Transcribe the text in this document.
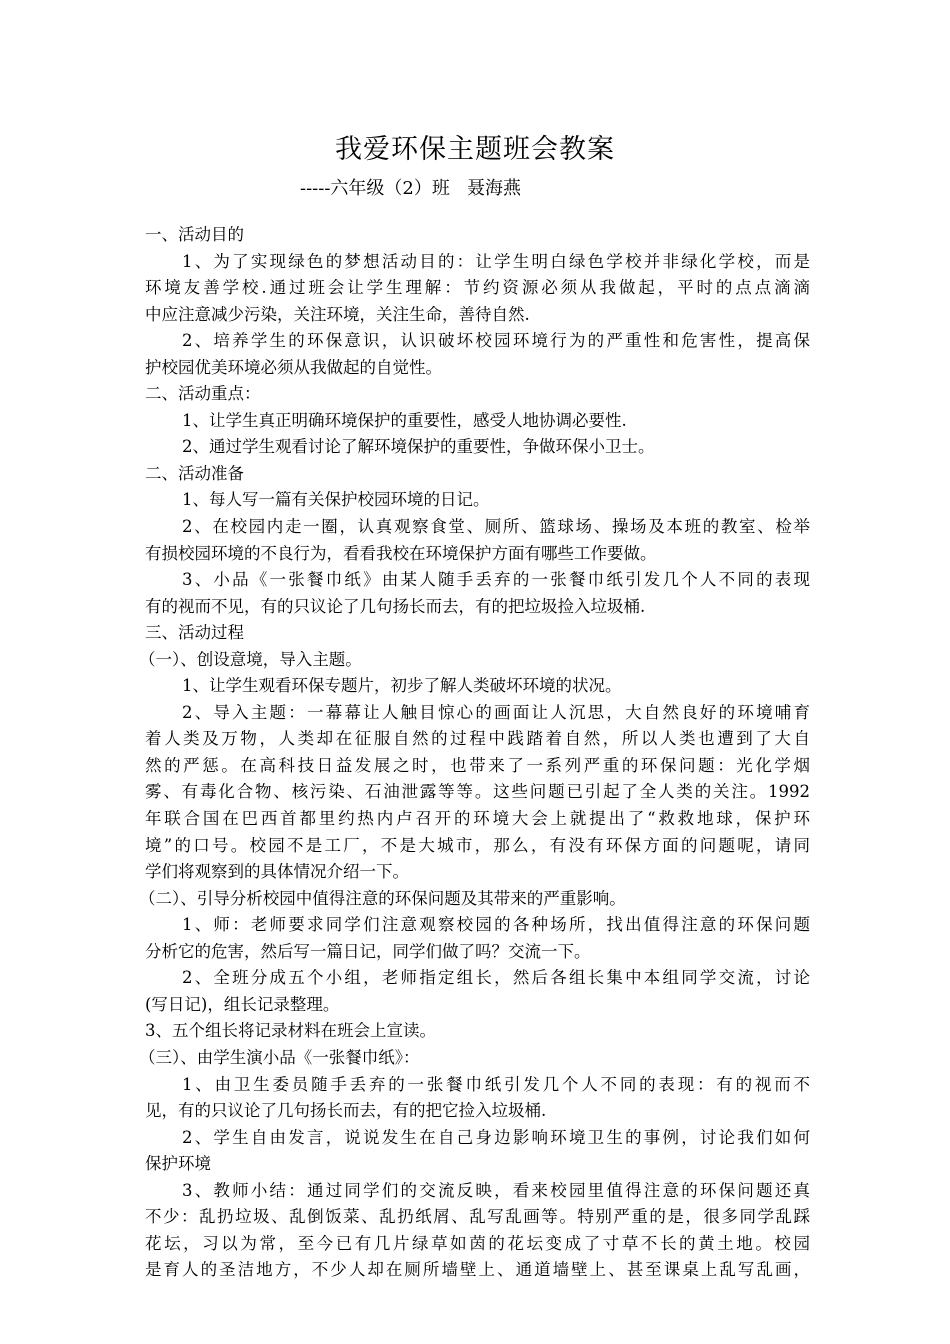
我爱环保主题班会教案
-----六年级（2）班   聂海燕
一、活动目的
1、为了实现绿色的梦想活动目的：让学生明白绿色学校并非绿化学校，而是
环境友善学校.通过班会让学生理解：节约资源必须从我做起，平时的点点滴滴
中应注意减少污染，关注环境，关注生命，善待自然.
2、培养学生的环保意识，认识破坏校园环境行为的严重性和危害性，提高保
护校园优美环境必须从我做起的自觉性。
二、活动重点：
1、让学生真正明确环境保护的重要性，感受人地协调必要性.
2、通过学生观看讨论了解环境保护的重要性，争做环保小卫士。
二、活动准备
1、每人写一篇有关保护校园环境的日记。
2、在校园内走一圈，认真观察食堂、厕所、篮球场、操场及本班的教室、检举
有损校园环境的不良行为，看看我校在环境保护方面有哪些工作要做。
3、小品《一张餐巾纸》由某人随手丢弃的一张餐巾纸引发几个人不同的表现
有的视而不见，有的只议论了几句扬长而去，有的把垃圾捡入垃圾桶.
三、活动过程
（一）、创设意境，导入主题。
1、让学生观看环保专题片，初步了解人类破坏环境的状况。
2、导入主题：一幕幕让人触目惊心的画面让人沉思，大自然良好的环境哺育
着人类及万物，人类却在征服自然的过程中践踏着自然，所以人类也遭到了大自
然的严惩。在高科技日益发展之时，也带来了一系列严重的环保问题：光化学烟
雾、有毒化合物、核污染、石油泄露等等。这些问题已引起了全人类的关注。1992
年联合国在巴西首都里约热内卢召开的环境大会上就提出了“救救地球，保护环
境”的口号。校园不是工厂，不是大城市，那么，有没有环保方面的问题呢，请同
学们将观察到的具体情况介绍一下。
（二）、引导分析校园中值得注意的环保问题及其带来的严重影响。
1、师：老师要求同学们注意观察校园的各种场所，找出值得注意的环保问题
分析它的危害，然后写一篇日记，同学们做了吗？交流一下。
2、全班分成五个小组，老师指定组长，然后各组长集中本组同学交流，讨论
(写日记)，组长记录整理。
3、五个组长将记录材料在班会上宣读。
（三）、由学生演小品《一张餐巾纸》：
1、由卫生委员随手丢弃的一张餐巾纸引发几个人不同的表现：有的视而不
见，有的只议论了几句扬长而去，有的把它捡入垃圾桶.
2、学生自由发言，说说发生在自己身边影响环境卫生的事例，讨论我们如何
保护环境
3、教师小结：通过同学们的交流反映，看来校园里值得注意的环保问题还真
不少：乱扔垃圾、乱倒饭菜、乱扔纸屑、乱写乱画等。特别严重的是，很多同学乱踩
花坛，习以为常，至今已有几片绿草如茵的花坛变成了寸草不长的黄土地。校园
是育人的圣洁地方，不少人却在厕所墙壁上、通道墙壁上、甚至课桌上乱写乱画，
